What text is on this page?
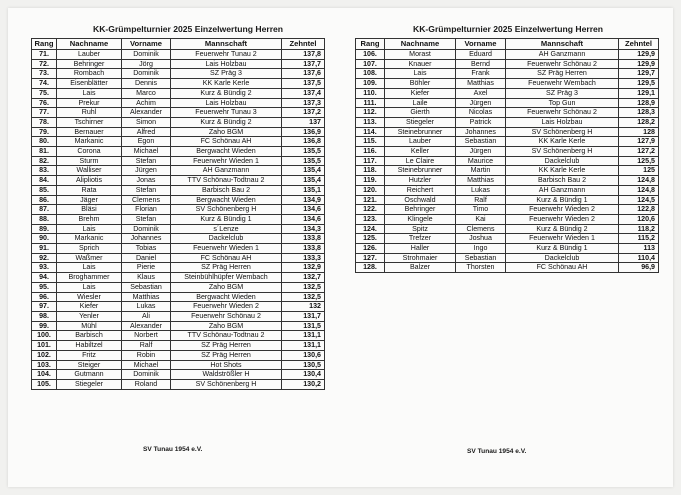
KK-Grümpelturnier 2025 Einzelwertung Herren
Rang	Nachname	Vorname	Mannschaft	Zehntel
71.	Lauber	Dominik	Feuerwehr Tunau 2	137,8
72.	Behringer	Jörg	Lais Holzbau	137,7
73.	Rombach	Dominik	SZ Präg 3	137,6
74.	Eisenblätter	Dennis	KK Karle Kerle	137,5
75.	Lais	Marco	Kurz & Bündig 2	137,4
76.	Prekur	Achim	Lais Holzbau	137,3
77.	Ruhl	Alexander	Feuerwehr Tunau 3	137,2
78.	Tschirner	Simon	Kurz & Bündig 2	137
79.	Bernauer	Alfred	Zaho BGM	136,9
80.	Markanic	Egon	FC Schönau AH	136,8
81.	Corona	Michael	Bergwacht Wieden	135,5
82.	Sturm	Stefan	Feuerwehr Wieden 1	135,5
83.	Walliser	Jürgen	AH Ganzmann	135,4
84.	Alipliotis	Jonas	TTV Schönau-Todtnau 2	135,4
85.	Rata	Stefan	Barbisch Bau 2	135,1
86.	Jäger	Clemens	Bergwacht Wieden	134,9
87.	Bläsi	Florian	SV Schönenberg H	134,6
88.	Brehm	Stefan	Kurz & Bündig 1	134,6
89.	Lais	Dominik	s´Lenze	134,3
90.	Markanic	Johannes	Dackelclub	133,8
91.	Sprich	Tobias	Feuerwehr Wieden 1	133,8
92.	Waßmer	Daniel	FC Schönau AH	133,3
93.	Lais	Pierie	SZ Präg Herren	132,9
94.	Broghammer	Klaus	Steinbühlhüpfer Wembach	132,7
95.	Lais	Sebastian	Zaho BGM	132,5
96.	Wiesler	Matthias	Bergwacht Wieden	132,5
97.	Kiefer	Lukas	Feuerwehr Wieden 2	132
98.	Yenler	Ali	Feuerwehr Schönau 2	131,7
99.	Mühl	Alexander	Zaho BGM	131,5
100.	Barbisch	Norbert	TTV Schönau-Todtnau 2	131,1
101.	Habiltzel	Ralf	SZ Präg Herren	131,1
102.	Fritz	Robin	SZ Präg Herren	130,6
103.	Steiger	Michael	Hot Shots	130,5
104.	Gutmann	Dominik	Waldströßler H	130,4
105.	Stiegeler	Roland	SV Schönenberg H	130,2
SV Tunau 1954 e.V.
KK-Grümpelturnier 2025 Einzelwertung Herren
Rang	Nachname	Vorname	Mannschaft	Zehntel
106.	Morast	Eduard	AH Ganzmann	129,9
107.	Knauer	Bernd	Feuerwehr Schönau 2	129,9
108.	Lais	Frank	SZ Präg Herren	129,7
109.	Böhler	Matthias	Feuerwehr Wembach	129,5
110.	Kiefer	Axel	SZ Präg 3	129,1
111.	Laile	Jürgen	Top Gun	128,9
112.	Gierth	Nicolas	Feuerwehr Schönau 2	128,3
113.	Stiegeler	Patrick	Lais Holzbau	128,2
114.	Steinebrunner	Johannes	SV Schönenberg H	128
115.	Lauber	Sebastian	KK Karle Kerle	127,9
116.	Keller	Jürgen	SV Schönenberg H	127,2
117.	Le Claire	Maurice	Dackelclub	125,5
118.	Steinebrunner	Martin	KK Karle Kerle	125
119.	Hutzler	Matthias	Barbisch Bau 2	124,8
120.	Reichert	Lukas	AH Ganzmann	124,8
121.	Oschwald	Ralf	Kurz & Bündig 1	124,5
122.	Behringer	Timo	Feuerwehr Wieden 2	122,8
123.	Klingele	Kai	Feuerwehr Wieden 2	120,6
124.	Spitz	Clemens	Kurz & Bündig 2	118,2
125.	Trefzer	Joshua	Feuerwehr Wieden 1	115,2
126.	Haller	Ingo	Kurz & Bündig 1	113
127.	Strohmaier	Sebastian	Dackelclub	110,4
128.	Balzer	Thorsten	FC Schönau AH	96,9
SV Tunau 1954 e.V.
